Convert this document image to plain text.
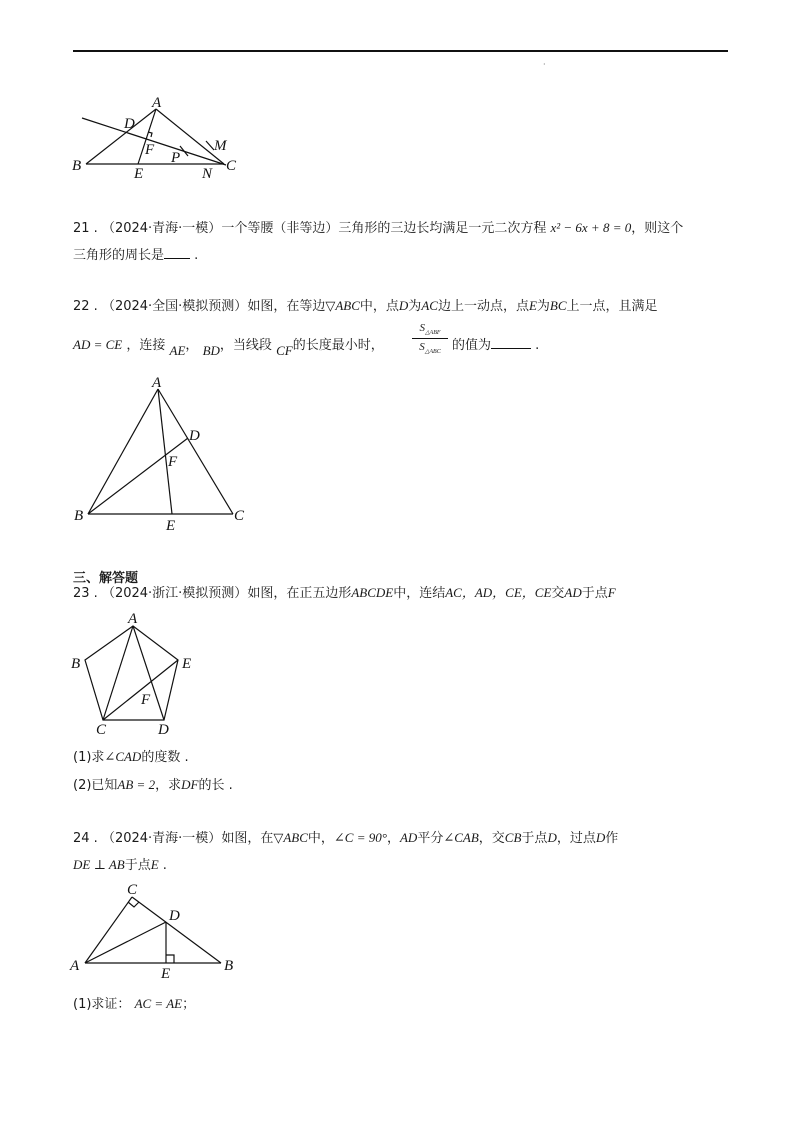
·
A
B	C
D
E
F	M
N
P
21 . （2024·青海·一模）一个等腰（非等边）三角形的三边长均满足一元二次方程 x² − 6x + 8 = 0，则这个
三角形的周长是 .
22 . （2024·全国·模拟预测）如图，在等边▽ABC中，点D为AC边上一动点，点E为BC上一点，且满足
AD = CE ，连接 AE， BD，当线段 CF的长度最小时，
$S_{\triangle ABF}$
$S_{\triangle ABC}$ 的值为	.
A
B	C
D
E
F
三、解答题
23 . （2024·浙江·模拟预测）如图，在正五边形ABCDE中，连结AC，AD，CE，CE交AD于点F
A
B
C	D
E
F
(1)求∠CAD的度数 .
(2)已知AB = 2，求DF的长 .
24 . （2024·青海·一模）如图，在▽ABC中，∠C = 90°，AD平分∠CAB，交CB于点D，过点D作
DE ⊥ AB于点E .
C
A	B
D
E
(1)求证： AC = AE；
